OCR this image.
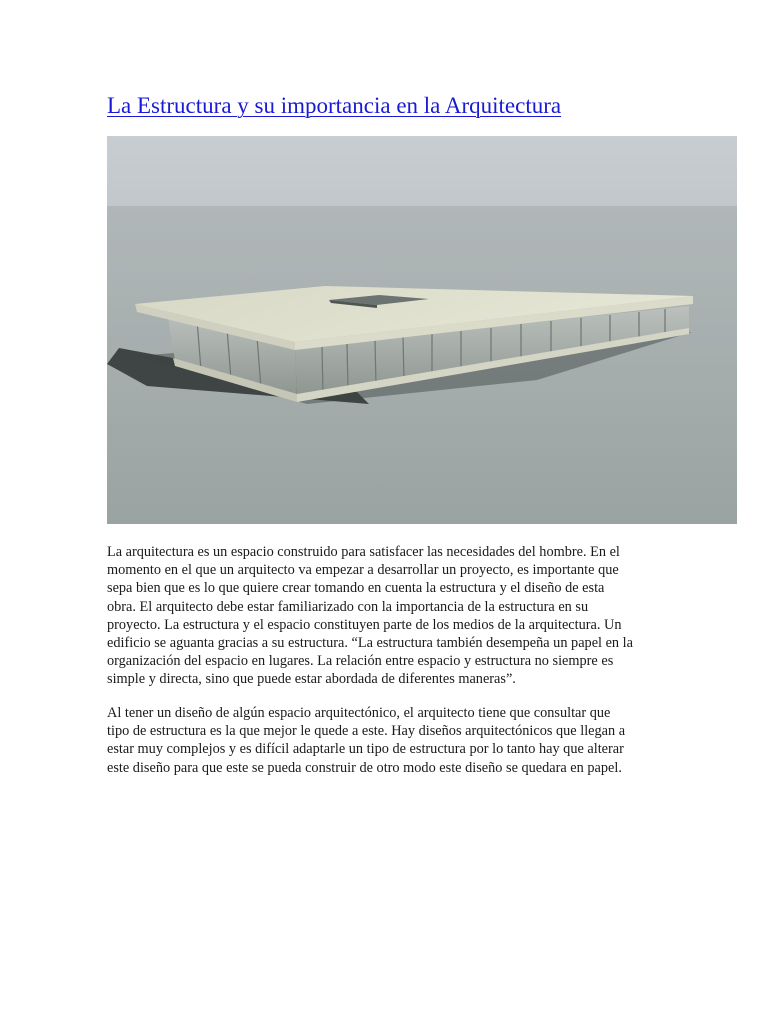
La Estructura y su importancia en la Arquitectura

La arquitectura es un espacio construido para satisfacer las necesidades del hombre. En el
momento en el que un arquitecto va empezar a desarrollar un proyecto, es importante que
sepa bien que es lo que quiere crear tomando en cuenta la estructura y el diseño de esta
obra. El arquitecto debe estar familiarizado con la importancia de la estructura en su
proyecto. La estructura y el espacio constituyen parte de los medios de la arquitectura. Un
edificio se aguanta gracias a su estructura. “La estructura también desempeña un papel en la
organización del espacio en lugares. La relación entre espacio y estructura no siempre es
simple y directa, sino que puede estar abordada de diferentes maneras”.

Al tener un diseño de algún espacio arquitectónico, el arquitecto tiene que consultar que
tipo de estructura es la que mejor le quede a este. Hay diseños arquitectónicos que llegan a
estar muy complejos y es difícil adaptarle un tipo de estructura por lo tanto hay que alterar
este diseño para que este se pueda construir de otro modo este diseño se quedara en papel.
